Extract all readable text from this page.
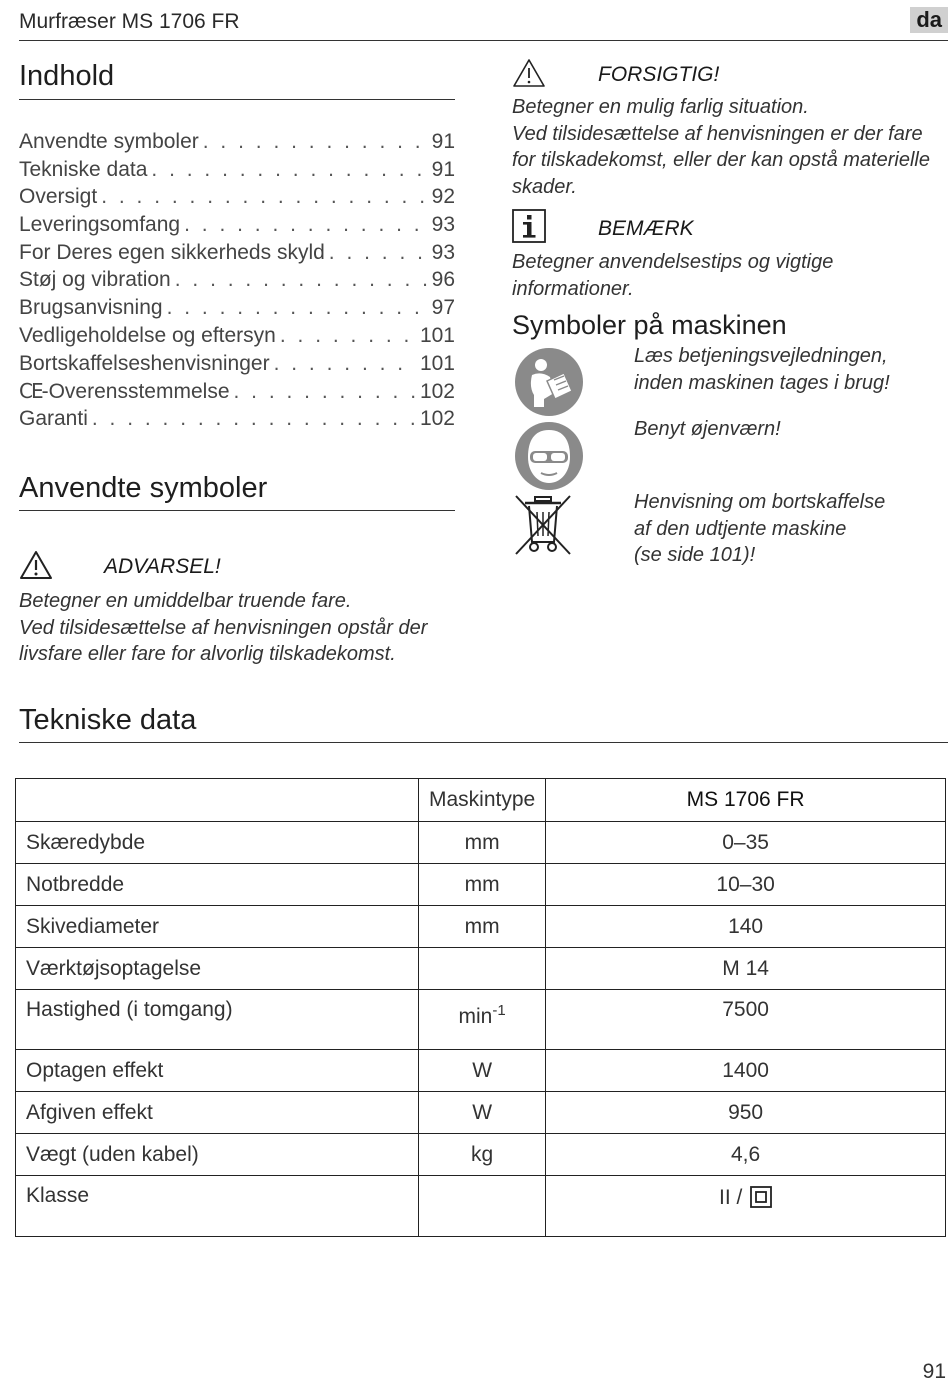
Murfræser MS 1706 FR	da
Indhold
Anvendte symboler . . .	91
Tekniske data . . .	91
Oversigt . . .	92
Leveringsomfang . . .	93
For Deres egen sikkerheds skyld . . .	93
Støj og vibration . . .	96
Brugsanvisning . . .	97
Vedligeholdelse og eftersyn . . .	101
Bortskaffelseshenvisninger . . .	101
CE-Overensstemmelse . . .	102
Garanti . . .	102
Anvendte symboler
ADVARSEL!
Betegner en umiddelbar truende fare.
Ved tilsidesættelse af henvisningen opstår der
livsfare eller fare for alvorlig tilskadekomst.
FORSIGTIG!
Betegner en mulig farlig situation.
Ved tilsidesættelse af henvisningen er der fare
for tilskadekomst, eller der kan opstå materielle
skader.
BEMÆRK
Betegner anvendelsestips og vigtige
informationer.
Symboler på maskinen
Læs betjeningsvejledningen,
inden maskinen tages i brug!
Benyt øjenværn!
Henvisning om bortskaffelse
af den udtjente maskine
(se side 101)!
Tekniske data
	Maskintype	MS 1706 FR
Skæredybde	mm	0–35
Notbredde	mm	10–30
Skivediameter	mm	140
Værktøjsoptagelse		M 14
Hastighed (i tomgang)	$\min^{-1}$	7500
Optagen effekt	W	1400
Afgiven effekt	W	950
Vægt (uden kabel)	kg	4,6
Klasse		II /
91
